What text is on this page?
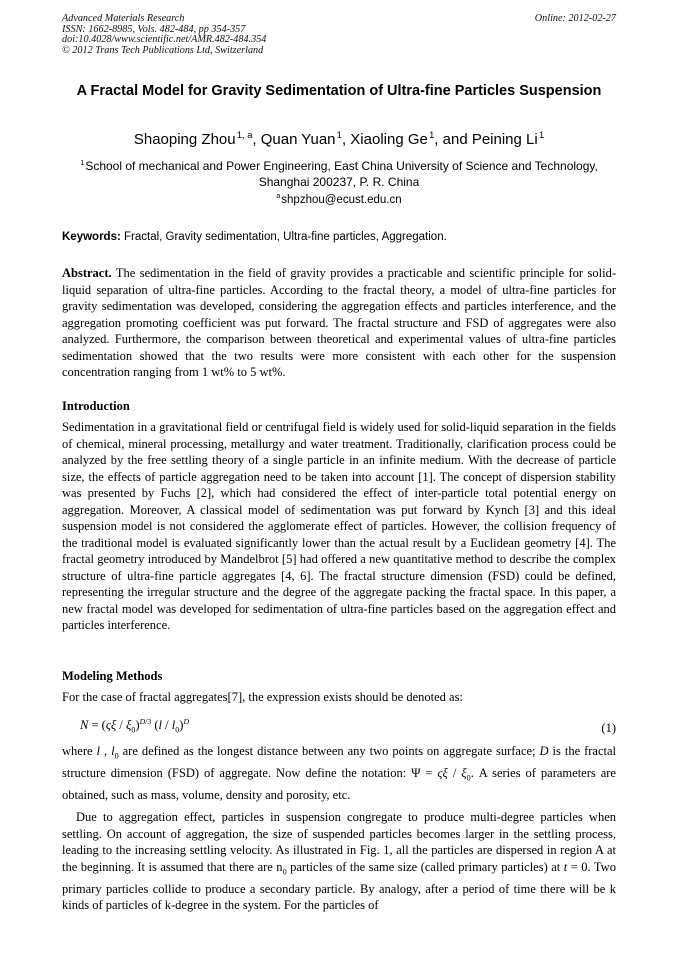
Advanced Materials Research
ISSN: 1662-8985, Vols. 482-484, pp 354-357
doi:10.4028/www.scientific.net/AMR.482-484.354
© 2012 Trans Tech Publications Ltd, Switzerland
Online: 2012-02-27
A Fractal Model for Gravity Sedimentation of Ultra-fine Particles Suspension
Shaoping Zhou $^{1, a}$, Quan Yuan $^1$, Xiaoling Ge $^1$, and Peining Li $^1$
$^1$ School of mechanical and Power Engineering, East China University of Science and Technology, Shanghai 200237, P. R. China
$^a$ shpzhou@ecust.edu.cn
Keywords: Fractal, Gravity sedimentation, Ultra-fine particles, Aggregation.

Abstract. The sedimentation in the field of gravity provides a practicable and scientific principle for solid-liquid separation of ultra-fine particles. According to the fractal theory, a model of ultra-fine particles for gravity sedimentation was developed, considering the aggregation effects and particles interference, and the aggregation promoting coefficient was put forward. The fractal structure and FSD of aggregates were also analyzed. Furthermore, the comparison between theoretical and experimental values of ultra-fine particles sedimentation showed that the two results were more consistent with each other for the suspension concentration ranging from 1 wt% to 5 wt%.

Introduction

Sedimentation in a gravitational field or centrifugal field is widely used for solid-liquid separation in the fields of chemical, mineral processing, metallurgy and water treatment. Traditionally, clarification process could be analyzed by the free settling theory of a single particle in an infinite medium. With the decrease of particle size, the effects of particle aggregation need to be taken into account [1]. The concept of dispersion stability was presented by Fuchs [2], which had considered the effect of inter-particle total potential energy on aggregation. Moreover, A classical model of sedimentation was put forward by Kynch [3] and this ideal suspension model is not considered the agglomerate effect of particles. However, the collision frequency of the traditional model is evaluated significantly lower than the actual result by a Euclidean geometry [4]. The fractal geometry introduced by Mandelbrot [5] had offered a new quantitative method to describe the complex structure of ultra-fine particle aggregates [4, 6]. The fractal structure dimension (FSD) could be defined, representing the irregular structure and the degree of the aggregate packing the fractal space. In this paper, a new fractal model was developed for sedimentation of ultra-fine particles based on the aggregation effect and particles interference.

Modeling Methods

For the case of fractal aggregates[7], the expression exists should be denoted as:

$N = (\varsigma\xi / \xi_0)^{D/3}$ $(l / l_0)^D$	(1)

where l , $l_0$ are defined as the longest distance between any two points on aggregate surface; D is the fractal structure dimension (FSD) of aggregate. Now define the notation: $\Psi = \varsigma\xi / \xi_0$. A series of parameters are obtained, such as mass, volume, density and porosity, etc.

Due to aggregation effect, particles in suspension congregate to produce multi-degree particles when settling. On account of aggregation, the size of suspended particles becomes larger in the settling process, leading to the increasing settling velocity. As illustrated in Fig. 1, all the particles are dispersed in region A at the beginning. It is assumed that there are $n_0$ particles of the same size (called primary particles) at t = 0. Two primary particles collide to produce a secondary particle. By analogy, after a period of time there will be k kinds of particles of k-degree in the system. For the particles of
